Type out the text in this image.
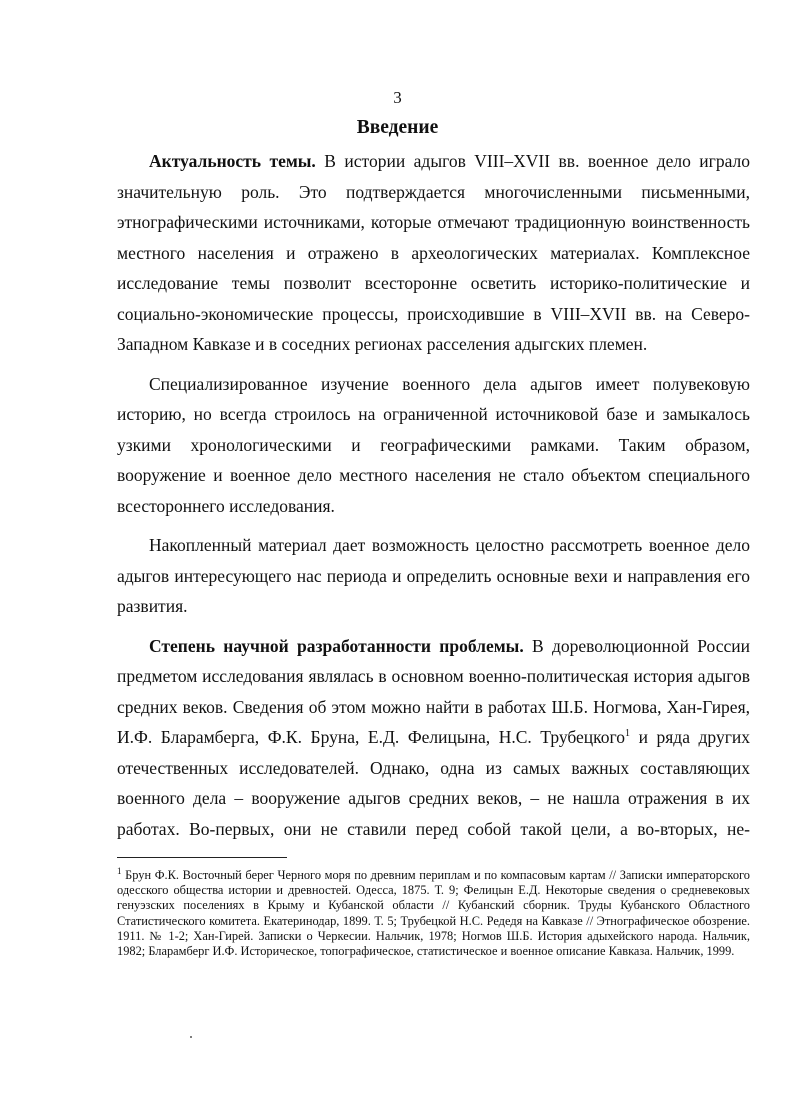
3
Введение

Актуальность темы. В истории адыгов VIII–XVII вв. военное дело играло значительную роль. Это подтверждается многочисленными письменными, этнографическими источниками, которые отмечают традиционную воинственность местного населения и отражено в археологических материалах. Комплексное исследование темы позволит всесторонне осветить историко-политические и социально-экономические процессы, происходившие в VIII–XVII вв. на Северо-Западном Кавказе и в соседних регионах расселения адыгских племен.

Специализированное изучение военного дела адыгов имеет полувековую историю, но всегда строилось на ограниченной источниковой базе и замыкалось узкими хронологическими и географическими рамками. Таким образом, вооружение и военное дело местного населения не стало объектом специального всестороннего исследования.

Накопленный материал дает возможность целостно рассмотреть военное дело адыгов интересующего нас периода и определить основные вехи и направления его развития.

Степень научной разработанности проблемы. В дореволюционной России предметом исследования являлась в основном военно-политическая история адыгов средних веков. Сведения об этом можно найти в работах Ш.Б. Ногмова, Хан-Гирея, И.Ф. Бларамберга, Ф.К. Бруна, Е.Д. Фелицына, Н.С. Трубецкого$^1$ и ряда других отечественных исследователей. Однако, одна из самых важных составляющих военного дела – вооружение адыгов средних веков, – не нашла отражения в их работах. Во-первых, они не ставили перед собой такой цели, а во-вторых, не-

$^1$ Брун Ф.К. Восточный берег Черного моря по древним периплам и по компасовым картам // Записки императорского одесского общества истории и древностей. Одесса, 1875. Т. 9; Фелицын Е.Д. Некоторые сведения о средневековых генуэзских поселениях в Крыму и Кубанской области // Кубанский сборник. Труды Кубанского Областного Статистического комитета. Екатеринодар, 1899. Т. 5; Трубецкой Н.С. Редедя на Кавказе // Этнографическое обозрение. 1911. № 1-2; Хан-Гирей. Записки о Черкесии. Нальчик, 1978; Ногмов Ш.Б. История адыхейского народа. Нальчик, 1982; Бларамберг И.Ф. Историческое, топографическое, статистическое и военное описание Кавказа. Нальчик, 1999.
